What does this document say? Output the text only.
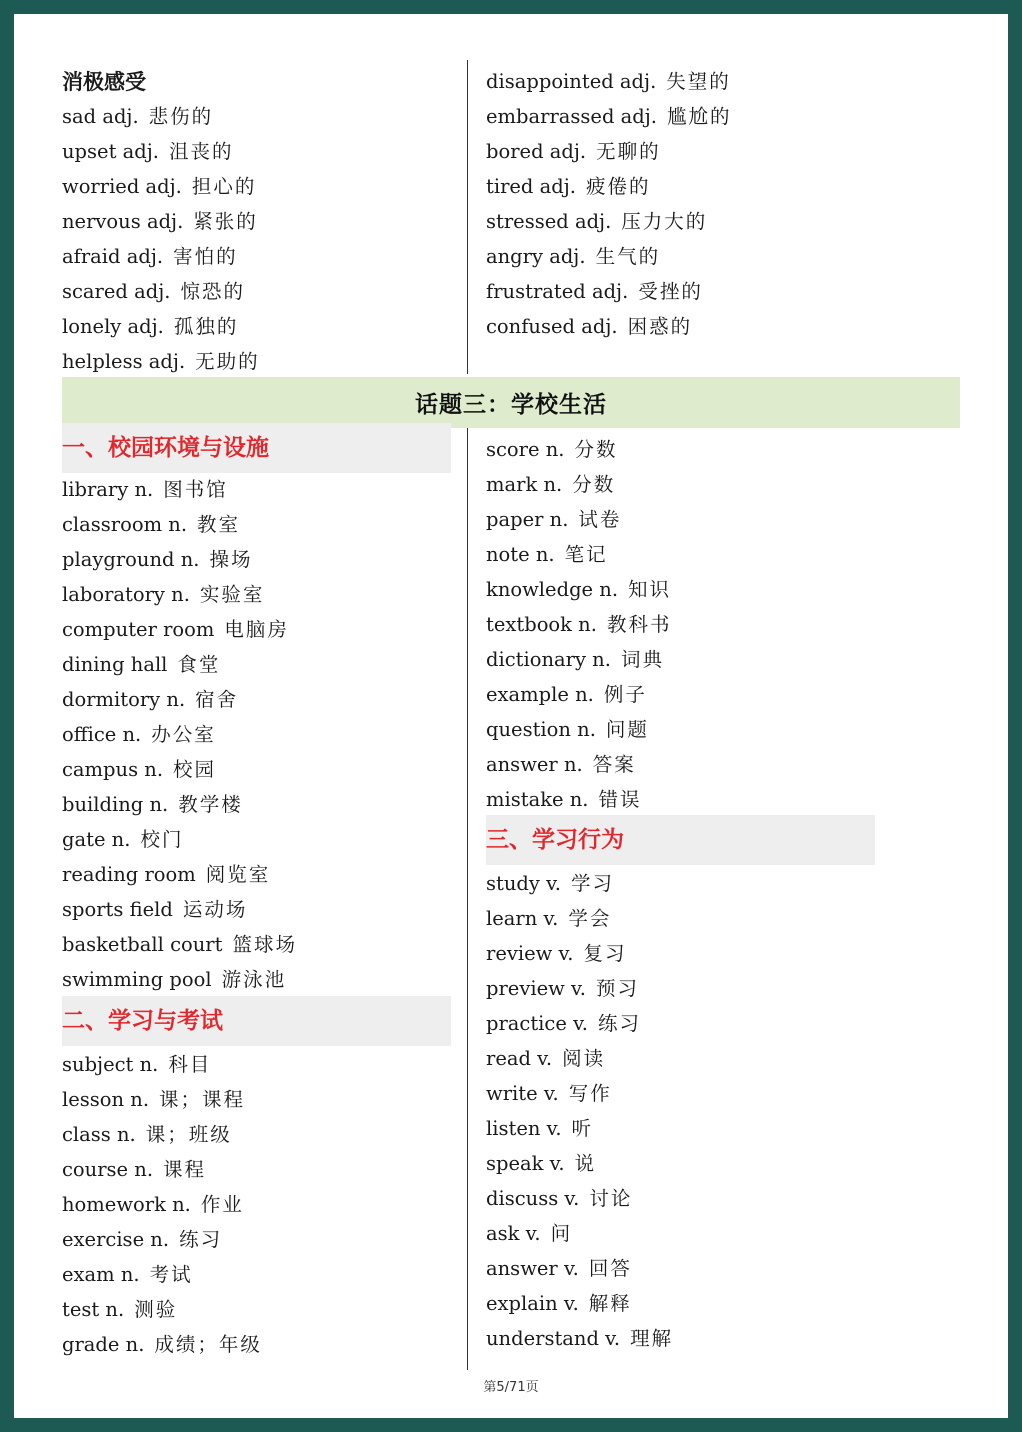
消极感受
sad adj. 悲伤的
upset adj. 沮丧的
worried adj. 担心的
nervous adj. 紧张的
afraid adj. 害怕的
scared adj. 惊恐的
lonely adj. 孤独的
helpless adj. 无助的
disappointed adj. 失望的
embarrassed adj. 尴尬的
bored adj. 无聊的
tired adj. 疲倦的
stressed adj. 压力大的
angry adj. 生气的
frustrated adj. 受挫的
confused adj. 困惑的
话题三：学校生活
一、校园环境与设施
library n. 图书馆
classroom n. 教室
playground n. 操场
laboratory n. 实验室
computer room 电脑房
dining hall 食堂
dormitory n. 宿舍
office n. 办公室
campus n. 校园
building n. 教学楼
gate n. 校门
reading room 阅览室
sports field 运动场
basketball court 篮球场
swimming pool 游泳池
二、学习与考试
subject n. 科目
lesson n. 课；课程
class n. 课；班级
course n. 课程
homework n. 作业
exercise n. 练习
exam n. 考试
test n. 测验
grade n. 成绩；年级
score n. 分数
mark n. 分数
paper n. 试卷
note n. 笔记
knowledge n. 知识
textbook n. 教科书
dictionary n. 词典
example n. 例子
question n. 问题
answer n. 答案
mistake n. 错误
三、学习行为
study v. 学习
learn v. 学会
review v. 复习
preview v. 预习
practice v. 练习
read v. 阅读
write v. 写作
listen v. 听
speak v. 说
discuss v. 讨论
ask v. 问
answer v. 回答
explain v. 解释
understand v. 理解
第5/71页
